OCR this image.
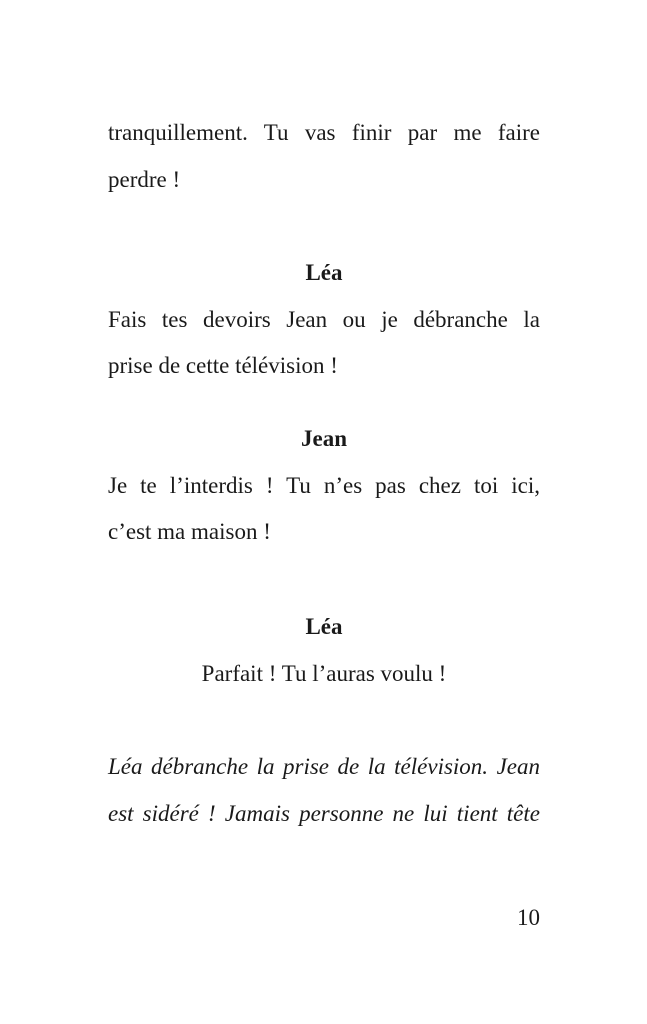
tranquillement. Tu vas finir par me faire
perdre !
Léa
Fais tes devoirs Jean ou je débranche la
prise de cette télévision !
Jean
Je te l’interdis ! Tu n’es pas chez toi ici,
c’est ma maison !
Léa
Parfait ! Tu l’auras voulu !
Léa débranche la prise de la télévision. Jean
est sidéré ! Jamais personne ne lui tient tête
10
